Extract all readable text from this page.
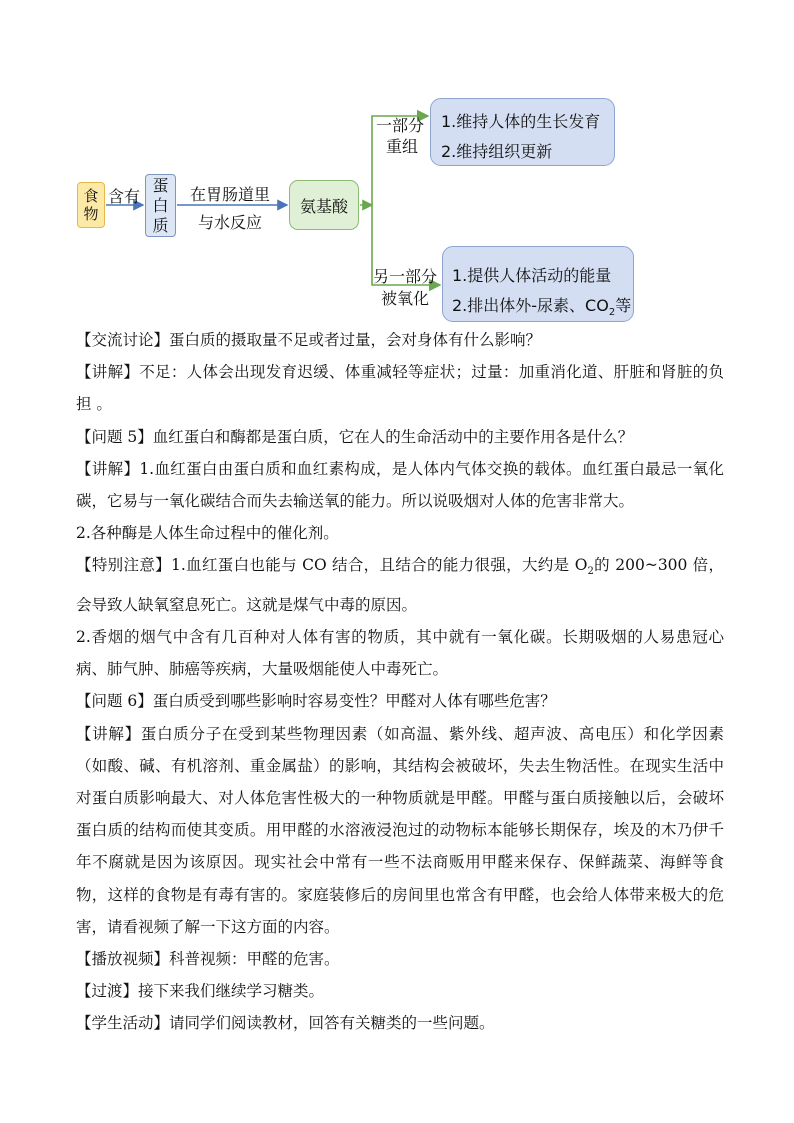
食物
含有
蛋白质
在胃肠道里
与水反应
氨基酸
一部分
重组
1.维持人体的生长发育
2.维持组织更新
另一部分
被氧化
1.提供人体活动的能量
2.排出体外-尿素、$CO_2$等

【交流讨论】蛋白质的摄取量不足或者过量，会对身体有什么影响？

【讲解】不足：人体会出现发育迟缓、体重减轻等症状；过量：加重消化道、肝脏和肾脏的负担 。

【问题 5】血红蛋白和酶都是蛋白质，它在人的生命活动中的主要作用各是什么？

【讲解】1.血红蛋白由蛋白质和血红素构成，是人体内气体交换的载体。血红蛋白最忌一氧化碳，它易与一氧化碳结合而失去输送氧的能力。所以说吸烟对人体的危害非常大。

2.各种酶是人体生命过程中的催化剂。

【特别注意】1.血红蛋白也能与 CO 结合，且结合的能力很强，大约是 $O_2$的 200~300 倍，会导致人缺氧窒息死亡。这就是煤气中毒的原因。

2.香烟的烟气中含有几百种对人体有害的物质，其中就有一氧化碳。长期吸烟的人易患冠心病、肺气肿、肺癌等疾病，大量吸烟能使人中毒死亡。

【问题 6】蛋白质受到哪些影响时容易变性？甲醛对人体有哪些危害？

【讲解】蛋白质分子在受到某些物理因素（如高温、紫外线、超声波、高电压）和化学因素（如酸、碱、有机溶剂、重金属盐）的影响，其结构会被破坏，失去生物活性。在现实生活中对蛋白质影响最大、对人体危害性极大的一种物质就是甲醛。甲醛与蛋白质接触以后，会破坏蛋白质的结构而使其变质。用甲醛的水溶液浸泡过的动物标本能够长期保存，埃及的木乃伊千年不腐就是因为该原因。现实社会中常有一些不法商贩用甲醛来保存、保鲜蔬菜、海鲜等食物，这样的食物是有毒有害的。家庭装修后的房间里也常含有甲醛，也会给人体带来极大的危害，请看视频了解一下这方面的内容。

【播放视频】科普视频：甲醛的危害。

【过渡】接下来我们继续学习糖类。

【学生活动】请同学们阅读教材，回答有关糖类的一些问题。
